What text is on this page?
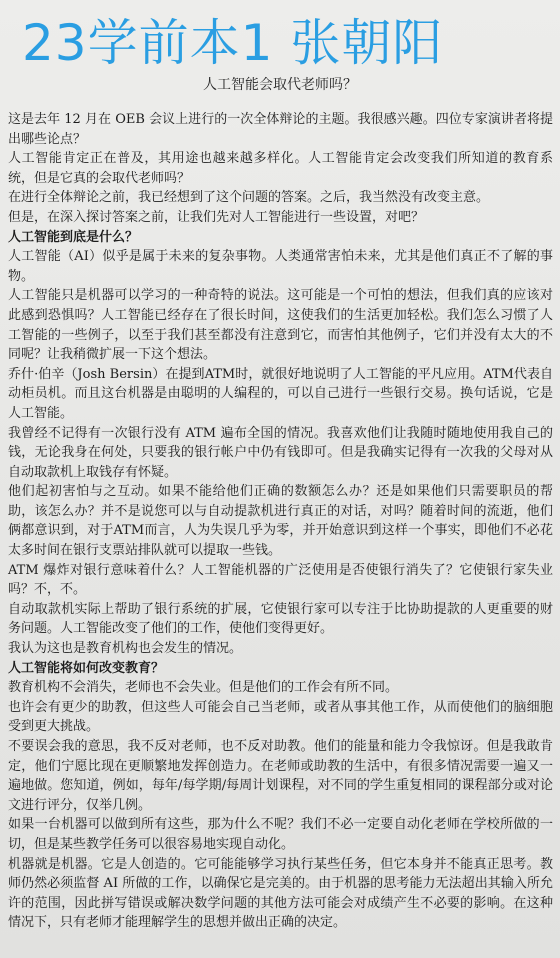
23学前本1 张朝阳
人工智能会取代老师吗？

这是去年 12 月在 OEB 会议上进行的一次全体辩论的主题。我很感兴趣。四位专家演讲者将提出哪些论点？

人工智能肯定正在普及，其用途也越来越多样化。人工智能肯定会改变我们所知道的教育系统，但是它真的会取代老师吗？

在进行全体辩论之前，我已经想到了这个问题的答案。之后，我当然没有改变主意。

但是，在深入探讨答案之前，让我们先对人工智能进行一些设置，对吧？

人工智能到底是什么？

人工智能（AI）似乎是属于未来的复杂事物。人类通常害怕未来，尤其是他们真正不了解的事物。

人工智能只是机器可以学习的一种奇特的说法。这可能是一个可怕的想法，但我们真的应该对此感到恐惧吗？人工智能已经存在了很长时间，这使我们的生活更加轻松。我们怎么习惯了人工智能的一些例子，以至于我们甚至都没有注意到它，而害怕其他例子，它们并没有太大的不同呢？让我稍微扩展一下这个想法。

乔什·伯辛（Josh Bersin）在提到ATM时，就很好地说明了人工智能的平凡应用。ATM代表自动柜员机。而且这台机器是由聪明的人编程的，可以自己进行一些银行交易。换句话说，它是人工智能。

我曾经不记得有一次银行没有 ATM 遍布全国的情况。我喜欢他们让我随时随地使用我自己的钱，无论我身在何处，只要我的银行帐户中仍有钱即可。但是我确实记得有一次我的父母对从自动取款机上取钱存有怀疑。

他们起初害怕与之互动。如果不能给他们正确的数额怎么办？还是如果他们只需要职员的帮助，该怎么办？并不是说您可以与自动提款机进行真正的对话，对吗？随着时间的流逝，他们俩都意识到，对于ATM而言，人为失误几乎为零，并开始意识到这样一个事实，即他们不必花太多时间在银行支票站排队就可以提取一些钱。

ATM 爆炸对银行意味着什么？人工智能机器的广泛使用是否使银行消失了？它使银行家失业吗？不，不。

自动取款机实际上帮助了银行系统的扩展，它使银行家可以专注于比协助提款的人更重要的财务问题。人工智能改变了他们的工作，使他们变得更好。

我认为这也是教育机构也会发生的情况。

人工智能将如何改变教育？

教育机构不会消失，老师也不会失业。但是他们的工作会有所不同。

也许会有更少的助教，但这些人可能会自己当老师，或者从事其他工作，从而使他们的脑细胞受到更大挑战。

不要误会我的意思，我不反对老师，也不反对助教。他们的能量和能力令我惊讶。但是我敢肯定，他们宁愿比现在更顺繁地发挥创造力。在老师或助教的生活中，有很多情况需要一遍又一遍地做。您知道，例如，每年/每学期/每周计划课程，对不同的学生重复相同的课程部分或对论文进行评分，仅举几例。

如果一台机器可以做到所有这些，那为什么不呢？我们不必一定要自动化老师在学校所做的一切，但是某些教学任务可以很容易地实现自动化。

机器就是机器。它是人创造的。它可能能够学习执行某些任务，但它本身并不能真正思考。教师仍然必须监督 AI 所做的工作，以确保它是完美的。由于机器的思考能力无法超出其输入所允许的范围，因此拼写错误或解决数学问题的其他方法可能会对成绩产生不必要的影响。在这种情况下，只有老师才能理解学生的思想并做出正确的决定。
